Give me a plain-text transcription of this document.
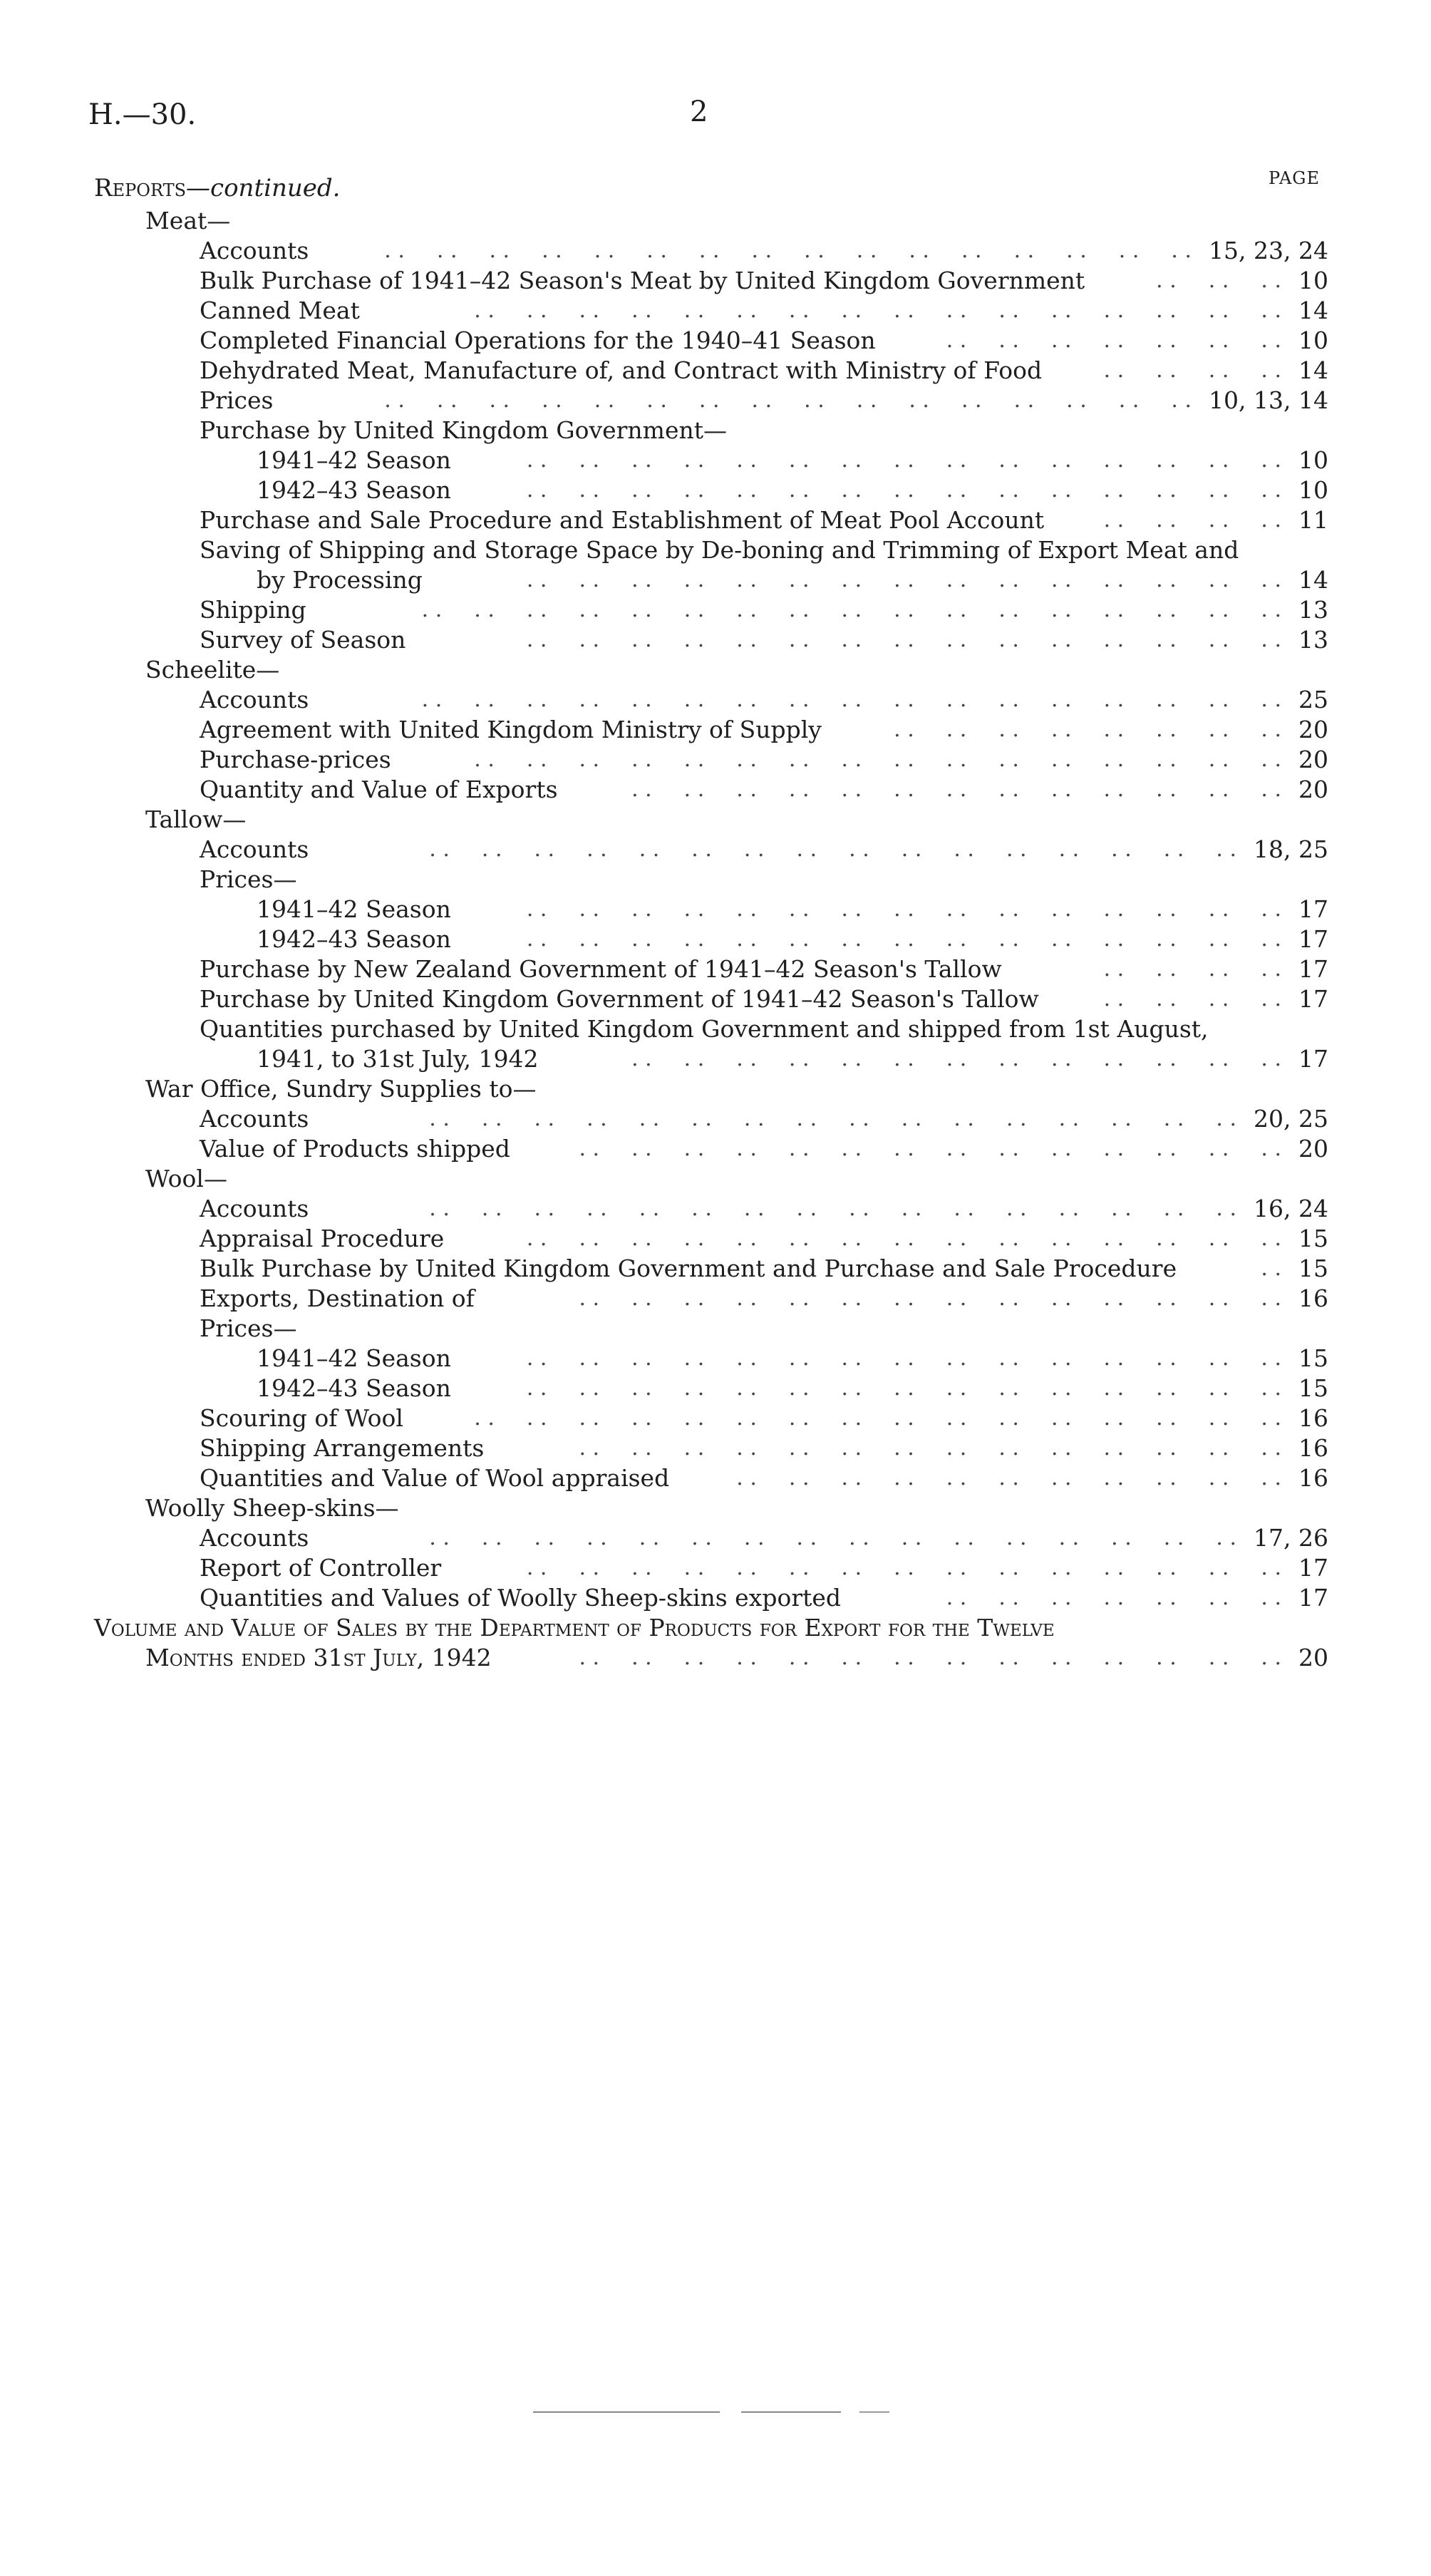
H.—30.	2
PAGE
Reports—continued.
Meat—
Accounts	15, 23, 24
. .  . .  . .  . .  . .  . .  . .  . .  . .  . .  . .  . .  . .  . .  . .  . .
Bulk Purchase of 1941–42 Season's Meat by United Kingdom Government	10
. .  . .  . .
Canned Meat	14
. .  . .  . .  . .  . .  . .  . .  . .  . .  . .  . .  . .  . .  . .  . .  . .
Completed Financial Operations for the 1940–41 Season	10
. .  . .  . .  . .  . .  . .  . .
Dehydrated Meat, Manufacture of, and Contract with Ministry of Food	14
. .  . .  . .  . .
Prices	10, 13, 14
. .  . .  . .  . .  . .  . .  . .  . .  . .  . .  . .  . .  . .  . .  . .  . .
Purchase by United Kingdom Government—
1941–42 Season	10
. .  . .  . .  . .  . .  . .  . .  . .  . .  . .  . .  . .  . .  . .  . .
1942–43 Season	10
. .  . .  . .  . .  . .  . .  . .  . .  . .  . .  . .  . .  . .  . .  . .
Purchase and Sale Procedure and Establishment of Meat Pool Account	11
. .  . .  . .  . .
Saving of Shipping and Storage Space by De-boning and Trimming of Export Meat and
by Processing	14
. .  . .  . .  . .  . .  . .  . .  . .  . .  . .  . .  . .  . .  . .  . .
Shipping	13
. .  . .  . .  . .  . .  . .  . .  . .  . .  . .  . .  . .  . .  . .  . .  . .  . .
Survey of Season	13
. .  . .  . .  . .  . .  . .  . .  . .  . .  . .  . .  . .  . .  . .  . .
Scheelite—
Accounts	25
. .  . .  . .  . .  . .  . .  . .  . .  . .  . .  . .  . .  . .  . .  . .  . .  . .
Agreement with United Kingdom Ministry of Supply	20
. .  . .  . .  . .  . .  . .  . .  . .
Purchase-prices	20
. .  . .  . .  . .  . .  . .  . .  . .  . .  . .  . .  . .  . .  . .  . .  . .
Quantity and Value of Exports	20
. .  . .  . .  . .  . .  . .  . .  . .  . .  . .  . .  . .  . .
Tallow—
Accounts	18, 25
. .  . .  . .  . .  . .  . .  . .  . .  . .  . .  . .  . .  . .  . .  . .  . .
Prices—
1941–42 Season	17
. .  . .  . .  . .  . .  . .  . .  . .  . .  . .  . .  . .  . .  . .  . .
1942–43 Season	17
. .  . .  . .  . .  . .  . .  . .  . .  . .  . .  . .  . .  . .  . .  . .
Purchase by New Zealand Government of 1941–42 Season's Tallow	17
. .  . .  . .  . .
Purchase by United Kingdom Government of 1941–42 Season's Tallow	17
. .  . .  . .  . .
Quantities purchased by United Kingdom Government and shipped from 1st August,
1941, to 31st July, 1942	17
. .  . .  . .  . .  . .  . .  . .  . .  . .  . .  . .  . .  . .
War Office, Sundry Supplies to—
Accounts	20, 25
. .  . .  . .  . .  . .  . .  . .  . .  . .  . .  . .  . .  . .  . .  . .  . .
Value of Products shipped	20
. .  . .  . .  . .  . .  . .  . .  . .  . .  . .  . .  . .  . .  . .
Wool—
Accounts	16, 24
. .  . .  . .  . .  . .  . .  . .  . .  . .  . .  . .  . .  . .  . .  . .  . .
Appraisal Procedure	15
. .  . .  . .  . .  . .  . .  . .  . .  . .  . .  . .  . .  . .  . .  . .
Bulk Purchase by United Kingdom Government and Purchase and Sale Procedure	15
. .
Exports, Destination of	16
. .  . .  . .  . .  . .  . .  . .  . .  . .  . .  . .  . .  . .  . .
Prices—
1941–42 Season	15
. .  . .  . .  . .  . .  . .  . .  . .  . .  . .  . .  . .  . .  . .  . .
1942–43 Season	15
. .  . .  . .  . .  . .  . .  . .  . .  . .  . .  . .  . .  . .  . .  . .
Scouring of Wool	16
. .  . .  . .  . .  . .  . .  . .  . .  . .  . .  . .  . .  . .  . .  . .  . .
Shipping Arrangements	16
. .  . .  . .  . .  . .  . .  . .  . .  . .  . .  . .  . .  . .  . .
Quantities and Value of Wool appraised	16
. .  . .  . .  . .  . .  . .  . .  . .  . .  . .  . .
Woolly Sheep-skins—
Accounts	17, 26
. .  . .  . .  . .  . .  . .  . .  . .  . .  . .  . .  . .  . .  . .  . .  . .
Report of Controller	17
. .  . .  . .  . .  . .  . .  . .  . .  . .  . .  . .  . .  . .  . .  . .
Quantities and Values of Woolly Sheep-skins exported	17
. .  . .  . .  . .  . .  . .  . .
Volume and Value of Sales by the Department of Products for Export for the Twelve
Months ended 31st July, 1942	20
. .  . .  . .  . .  . .  . .  . .  . .  . .  . .  . .  . .  . .  . .
